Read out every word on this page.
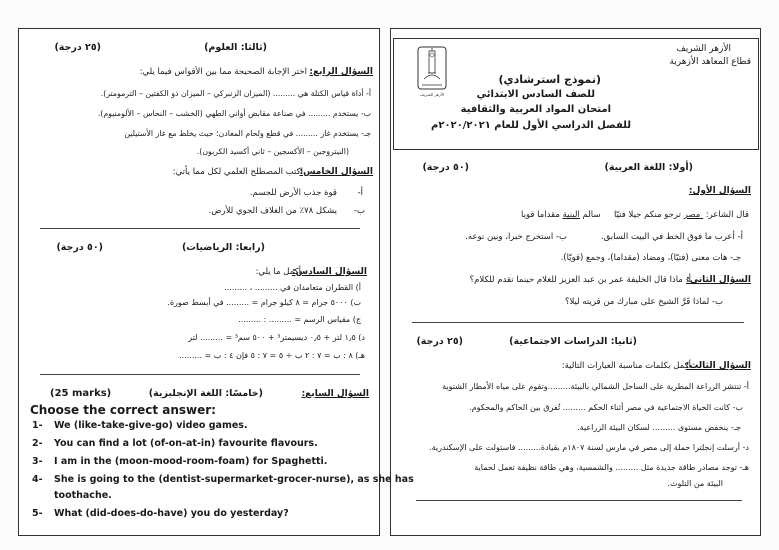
الأزهر الشريف
الأزهر الشريف
قطاع المعاهد الأزهرية
(نموذج استرشادي)
للصف السادس الابتدائي
امتحان المواد العربية والثقافية
للفصل الدراسي الأول للعام ٢٠٢٠/٢٠٢١م
(أولا: اللغة العربية)
(٥٠ درجة)
السؤال الأول:
قال الشاعر:  مصر ترجو منكم جيلا فتيّا     سالم البنية مقداما قويا
أ- أعرب ما فوق الخط في البيت السابق.
ب- استخرج خبرا، وبين نوعه.
جـ- هات معنى (فتيّا)، ومضاد (مقداما)، وجمع (قويّا).
السؤال الثاني:
أ- ماذا قال الخليفة عمر بن عبد العزيز للغلام حينما تقدم للكلام؟
ب- لماذا قَرَّ الشيخ على مبارك من قريته ليلا؟
(ثانيا: الدراسات الاجتماعية)
(٢٥ درجة)
السؤال الثالث:
أكمل بكلمات مناسبة العبارات التالية:
أ- تنتشر الزراعة المطرية على الساحل الشمالي بالبيئة.........وتقوم على مياه الأمطار الشتوية
ب- كانت الحياة الاجتماعية في مصر أثناء الحكم ......... تُفرق بين الحاكم والمحكوم.
جـ- ينخفض مستوى ......... لسكان البيئة الزراعية.
د- أرسلت إنجلترا حملة إلى مصر في مارس لسنة ١٨٠٧م بقيادة......... فاستولت على الإسكندرية.
هـ- توجد مصادر طاقة جديدة مثل ......... والشمسية، وهي طاقة نظيفة تعمل لحماية
البيئة من التلوث.
(ثالثا: العلوم)
(٢٥ درجة)
السؤال الرابع:
اختر الإجابة الصحيحة مما بين الأقواس فيما يلي:
أ- أداة قياس الكتلة هي ......... (الميزان الزنبركي – الميزان ذو الكفتين – الترمومتر).
ب- يستخدم ......... في صناعة مقابض أواني الطهي (الخشب – النحاس – الألومنيوم).
جـ- يستخدم غاز ......... في قطع ولحام المعادن؛ حيث يخلط مع غاز الأستيلين
(النيتروجين – الأكسجين – ثاني أكسيد الكربون).
السؤال الخامس:
اكتب المصطلح العلمي لكل مما يأتي:
أ-
قوة جذب الأرض للجسم.
ب-
يشكل ٧٨٪ من الغلاف الجوي للأرض.
(رابعا: الرياضيات)
(٥٠ درجة)
السؤال السادس:
أكمل ما يلي:
أ) القطران متعامدان في ......... ، .........
ب) ٥٠٠٠ جرام = ٨ كيلو جرام = ......... في أبسط صورة.
ج) مقياس الرسم = ......... : .........
د) ١٫٥ لتر + ٠٫٥ ديسيمتر³ + ٥٠٠ سم³ = ......... لتر
هـ) ٨ : ب = ٧ : ٢ ب ÷ ٥ = ٧ : ٥ فإن ٤ : ب = .........
(خامسًا: اللغة الإنجليزية)
(25 marks)	السؤال السابع:
Choose the correct answer:
1- We (like-take-give-go) video games.
2- You can find a lot (of-on-at-in) favourite flavours.
3- I am in the (moon-mood-room-foam) for Spaghetti.
4- She is going to the (dentist-supermarket-grocer-nurse), as she has
toothache.
5- What (did-does-do-have) you do yesterday?
